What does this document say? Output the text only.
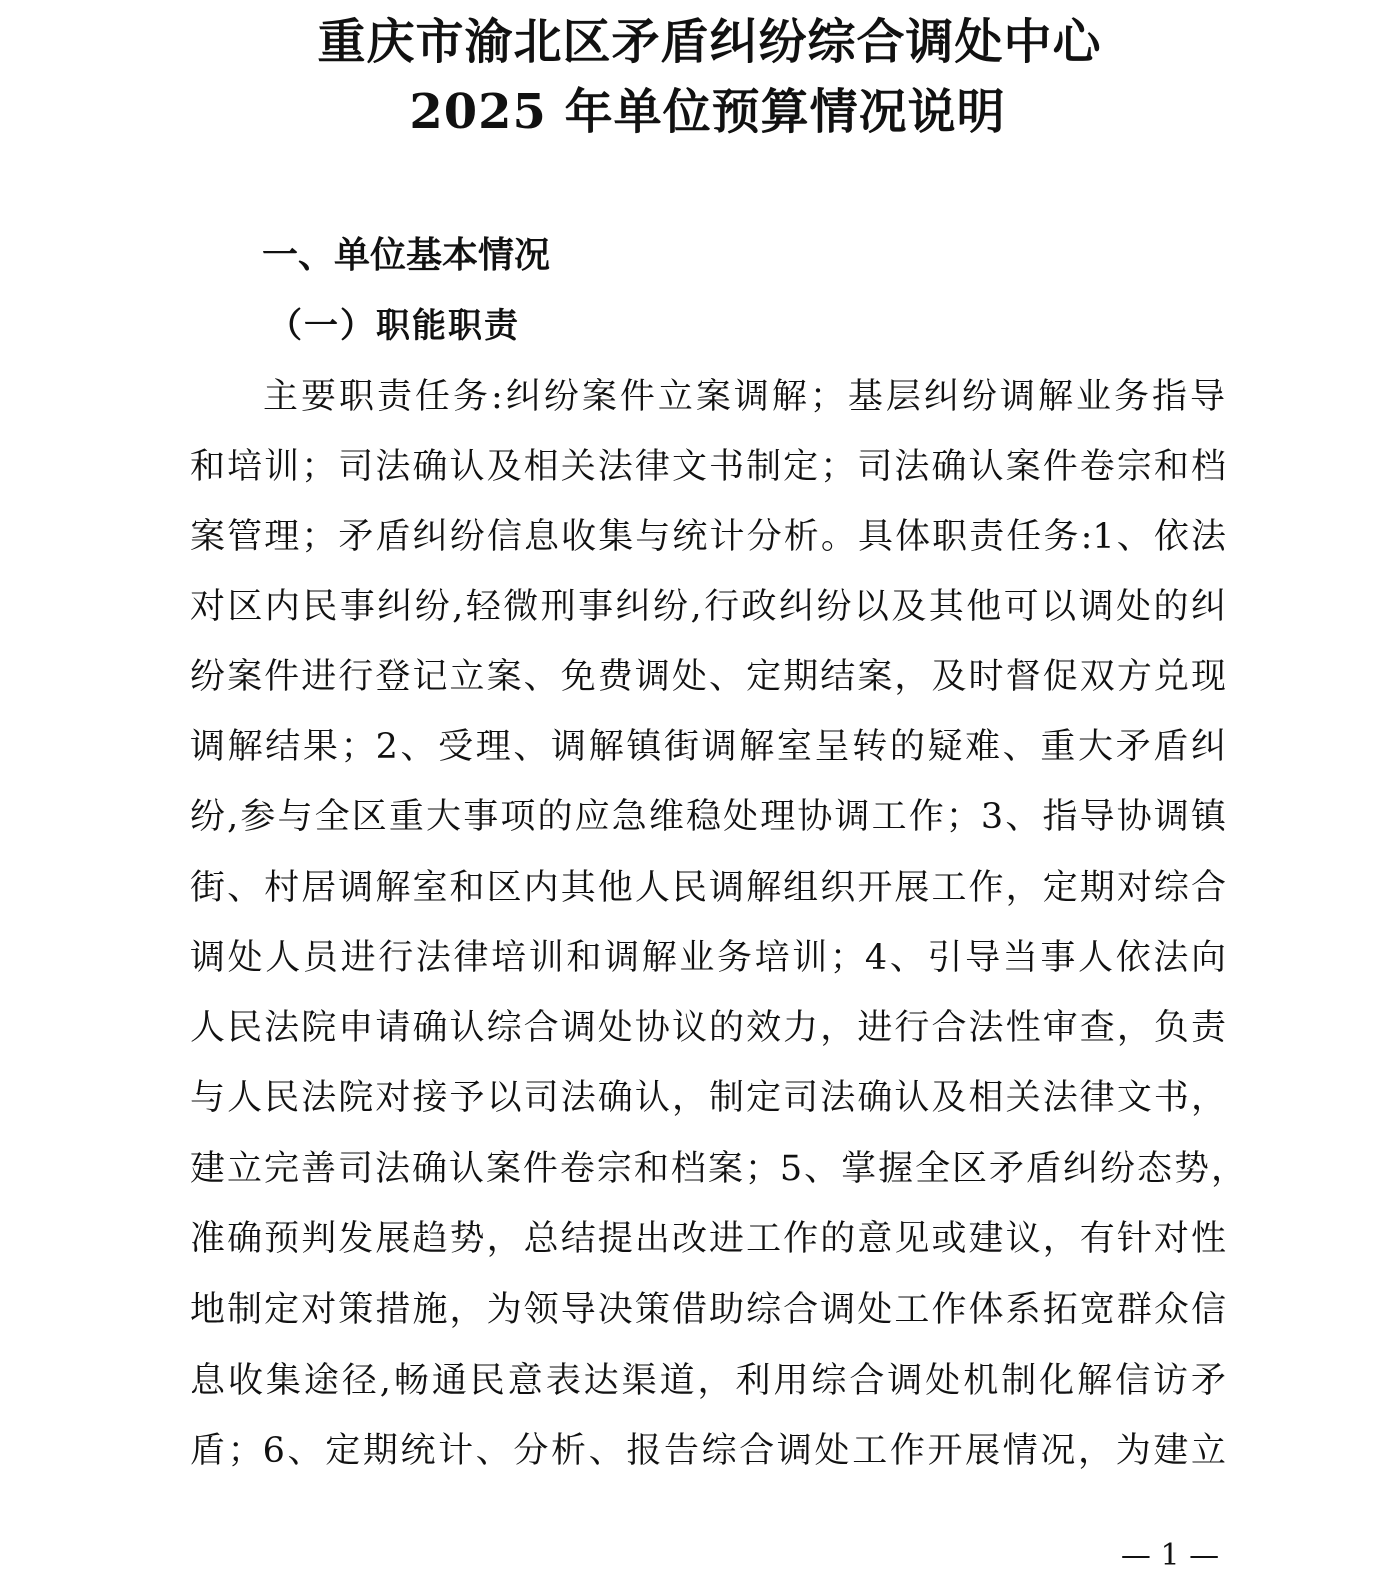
重庆市渝北区矛盾纠纷综合调处中心
2025 年单位预算情况说明
一、单位基本情况
（一）职能职责
主要职责任务:纠纷案件立案调解；基层纠纷调解业务指导
和培训；司法确认及相关法律文书制定；司法确认案件卷宗和档
案管理；矛盾纠纷信息收集与统计分析。具体职责任务:1、依法
对区内民事纠纷,轻微刑事纠纷,行政纠纷以及其他可以调处的纠
纷案件进行登记立案、免费调处、定期结案，及时督促双方兑现
调解结果；2、受理、调解镇街调解室呈转的疑难、重大矛盾纠
纷,参与全区重大事项的应急维稳处理协调工作；3、指导协调镇
街、村居调解室和区内其他人民调解组织开展工作，定期对综合
调处人员进行法律培训和调解业务培训；4、引导当事人依法向
人民法院申请确认综合调处协议的效力，进行合法性审查，负责
与人民法院对接予以司法确认，制定司法确认及相关法律文书，
建立完善司法确认案件卷宗和档案；5、掌握全区矛盾纠纷态势，
准确预判发展趋势，总结提出改进工作的意见或建议，有针对性
地制定对策措施，为领导决策借助综合调处工作体系拓宽群众信
息收集途径,畅通民意表达渠道，利用综合调处机制化解信访矛
盾；6、定期统计、分析、报告综合调处工作开展情况，为建立
— 1 —
